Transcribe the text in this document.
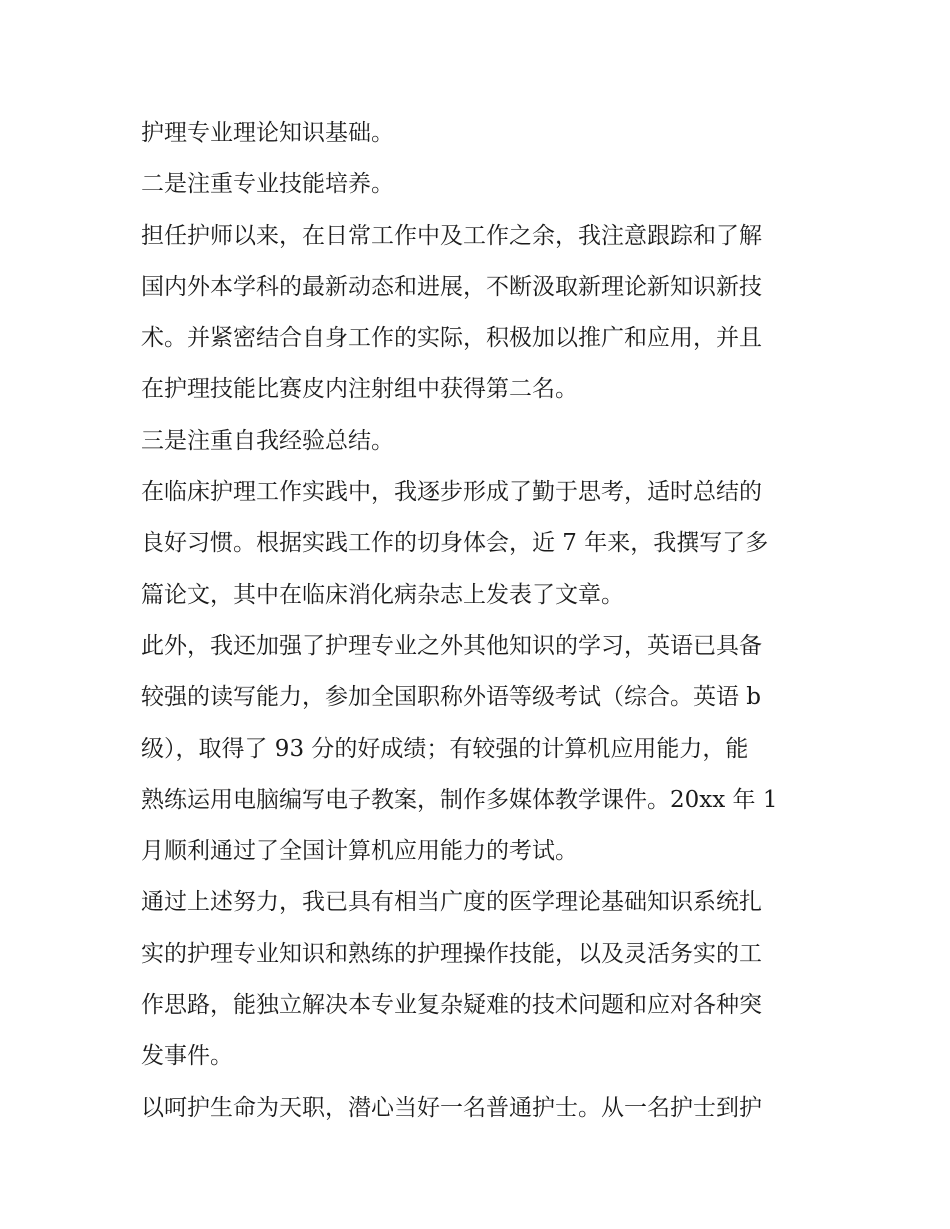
护理专业理论知识基础。
二是注重专业技能培养。
担任护师以来，在日常工作中及工作之余，我注意跟踪和了解
国内外本学科的最新动态和进展，不断汲取新理论新知识新技
术。并紧密结合自身工作的实际，积极加以推广和应用，并且
在护理技能比赛皮内注射组中获得第二名。
三是注重自我经验总结。
在临床护理工作实践中，我逐步形成了勤于思考，适时总结的
良好习惯。根据实践工作的切身体会，近 7 年来，我撰写了多
篇论文，其中在临床消化病杂志上发表了文章。
此外，我还加强了护理专业之外其他知识的学习，英语已具备
较强的读写能力，参加全国职称外语等级考试（综合。英语 b
级），取得了 93 分的好成绩；有较强的计算机应用能力，能
熟练运用电脑编写电子教案，制作多媒体教学课件。20xx 年 1
月顺利通过了全国计算机应用能力的考试。
通过上述努力，我已具有相当广度的医学理论基础知识系统扎
实的护理专业知识和熟练的护理操作技能，以及灵活务实的工
作思路，能独立解决本专业复杂疑难的技术问题和应对各种突
发事件。
以呵护生命为天职，潜心当好一名普通护士。从一名护士到护
